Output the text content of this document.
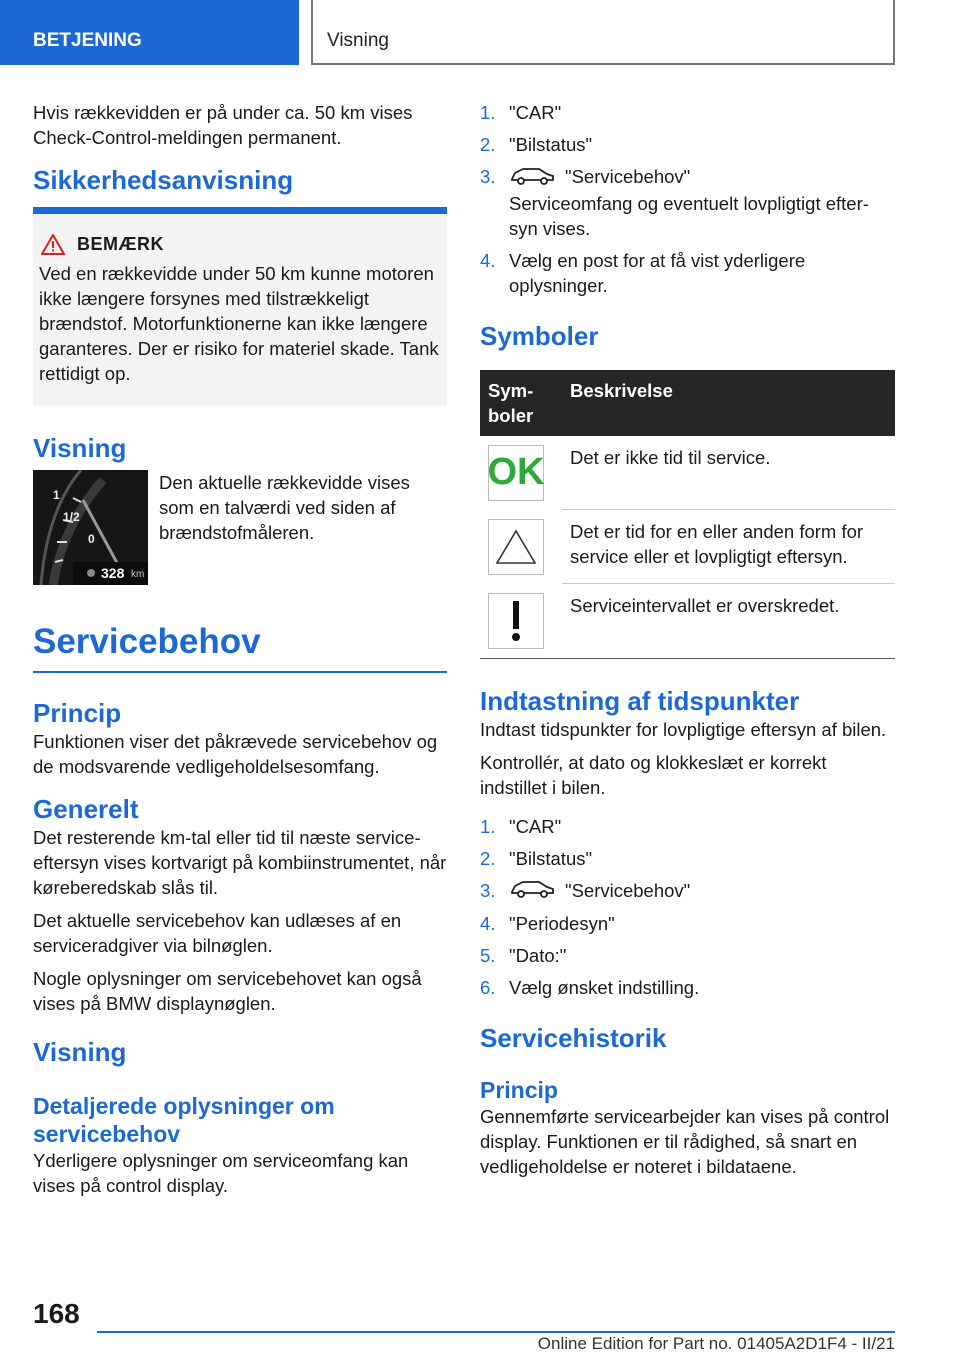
BETJENING	Visning

Hvis rækkevidden er på under ca. 50 km vises Check-Control-meldingen permanent.

Sikkerhedsanvisning
BEMÆRK

Ved en rækkevidde under 50 km kunne motoren ikke længere forsynes med tilstrækkeligt brændstof. Motorfunktionerne kan ikke længere garanteres. Der er risiko for materiel skade. Tank rettidigt op.

Visning
1
1/2
0
328 km
Den aktuelle rækkevidde vises som en talværdi ved siden af brændstofmåleren.
Servicebehov
Princip

Funktionen viser det påkrævede servicebehov og de modsvarende vedligeholdelsesomfang.

Generelt

Det resterende km-tal eller tid til næste service-eftersyn vises kortvarigt på kombiinstrumentet, når køreberedskab slås til.

Det aktuelle servicebehov kan udlæses af en serviceradgiver via bilnøglen.

Nogle oplysninger om servicebehovet kan også vises på BMW displaynøglen.

Visning
Detaljerede oplysninger om servicebehov

Yderligere oplysninger om serviceomfang kan vises på control display.

1. "CAR"
2. "Bilstatus"
3.	"Servicebehov"
Serviceomfang og eventuelt lovpligtigt efter-syn vises.
4. Vælg en post for at få vist yderligere oplysninger.
Symboler
Sym-boler	Beskrivelse

OK	Det er ikke tid til service.

	Det er tid for en eller anden form for service eller et lovpligtigt eftersyn.

	Serviceintervallet er overskredet.
Indtastning af tidspunkter

Indtast tidspunkter for lovpligtige eftersyn af bilen.

Kontrollér, at dato og klokkeslæt er korrekt indstillet i bilen.

1. "CAR"
2. "Bilstatus"
3.	"Servicebehov"
4. "Periodesyn"
5. "Dato:"
6. Vælg ønsket indstilling.
Servicehistorik
Princip

Gennemførte servicearbejder kan vises på control display. Funktionen er til rådighed, så snart en vedligeholdelse er noteret i bildataene.

168
Online Edition for Part no. 01405A2D1F4 - II/21
